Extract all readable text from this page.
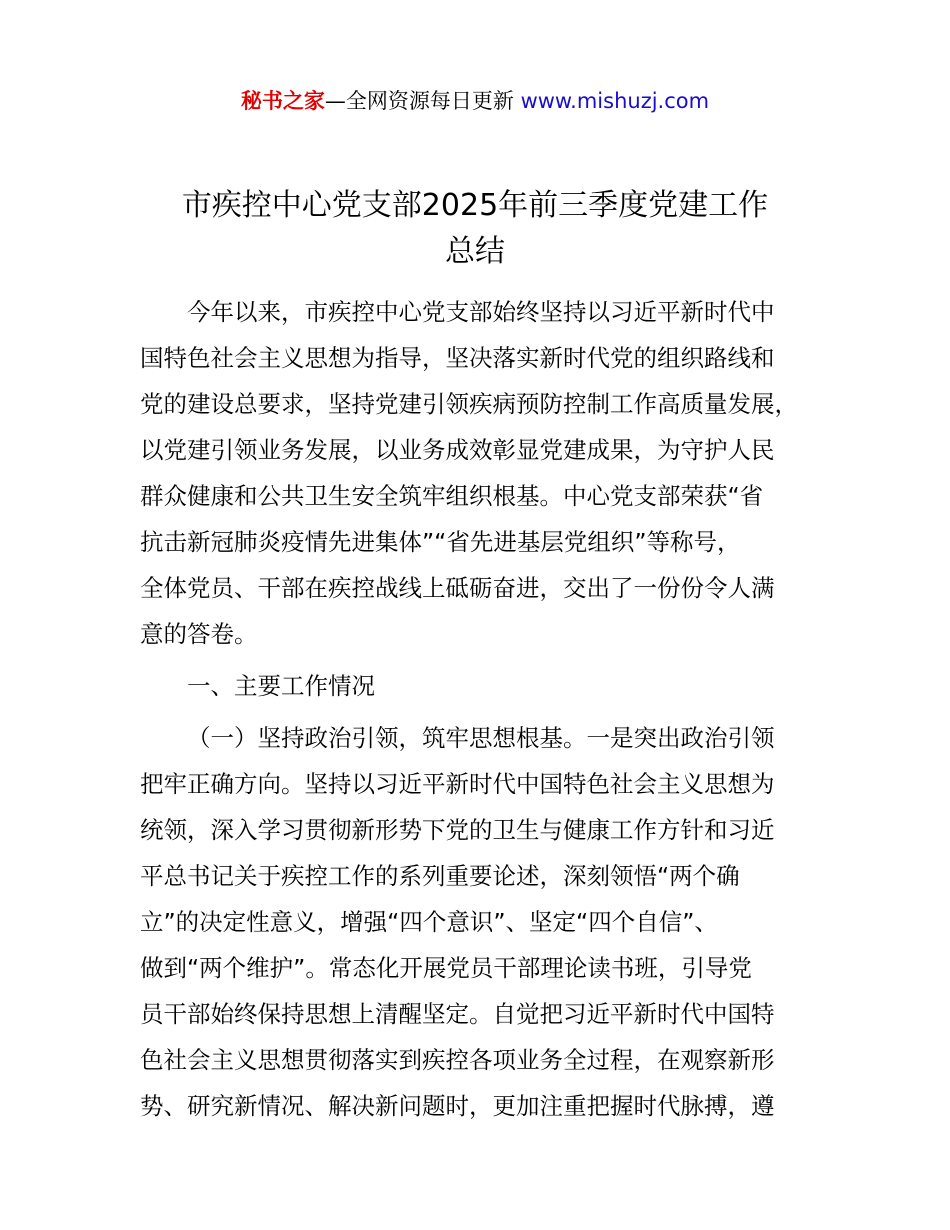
秘书之家—全网资源每日更新 www.mishuzj.com
市疾控中心党支部2025年前三季度党建工作
总结
今年以来，市疾控中心党支部始终坚持以习近平新时代中
国特色社会主义思想为指导，坚决落实新时代党的组织路线和
党的建设总要求，坚持党建引领疾病预防控制工作高质量发展，
以党建引领业务发展，以业务成效彰显党建成果，为守护人民
群众健康和公共卫生安全筑牢组织根基。中心党支部荣获“省
抗击新冠肺炎疫情先进集体”“省先进基层党组织”等称号，
全体党员、干部在疾控战线上砥砺奋进，交出了一份份令人满
意的答卷。
一、主要工作情况
（一）坚持政治引领，筑牢思想根基。一是突出政治引领
把牢正确方向。坚持以习近平新时代中国特色社会主义思想为
统领，深入学习贯彻新形势下党的卫生与健康工作方针和习近
平总书记关于疾控工作的系列重要论述，深刻领悟“两个确
立”的决定性意义，增强“四个意识”、坚定“四个自信”、
做到“两个维护”。常态化开展党员干部理论读书班，引导党
员干部始终保持思想上清醒坚定。自觉把习近平新时代中国特
色社会主义思想贯彻落实到疾控各项业务全过程，在观察新形
势、研究新情况、解决新问题时，更加注重把握时代脉搏，遵
